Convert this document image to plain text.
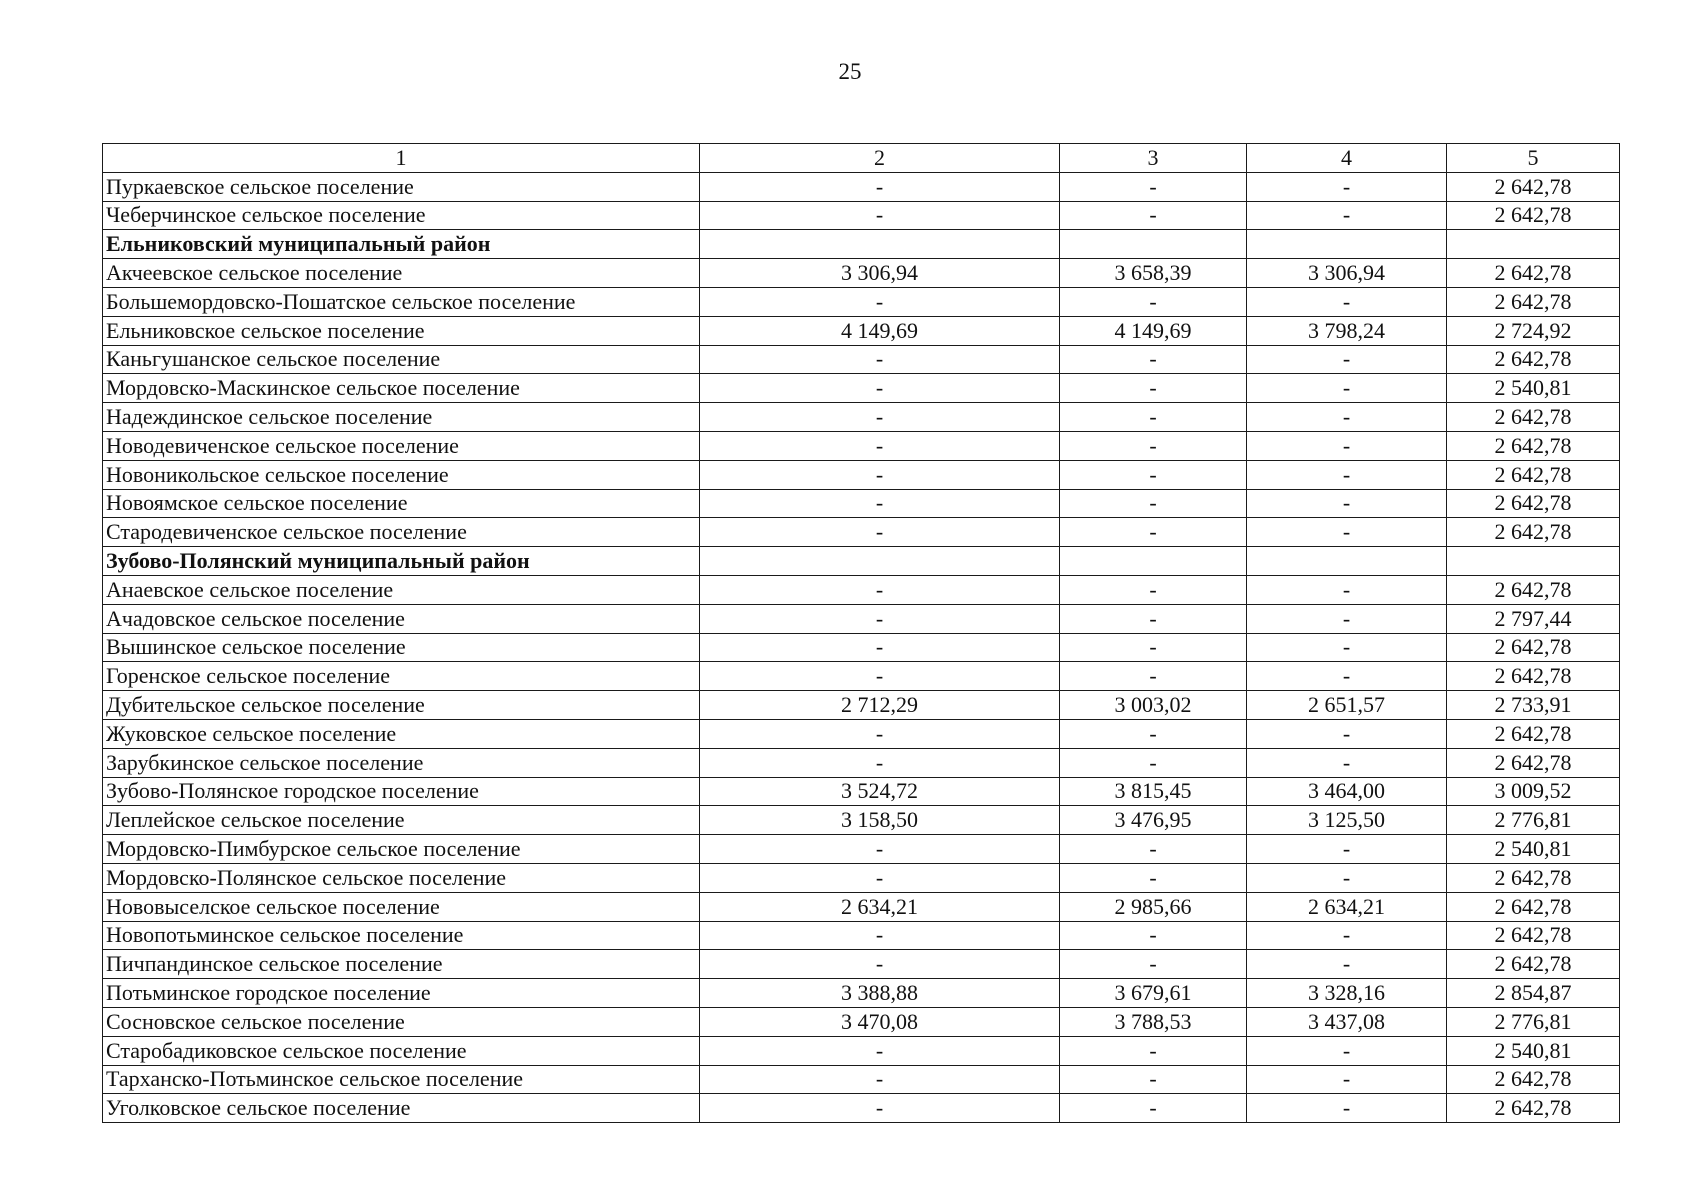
25
1	2	3	4	5
Пуркаевское сельское поселение	-	-	-	2 642,78
Чеберчинское сельское поселение	-	-	-	2 642,78
Ельниковский муниципальный район				
Акчеевское сельское поселение	3 306,94	3 658,39	3 306,94	2 642,78
Большемордовско-Пошатское сельское поселение	-	-	-	2 642,78
Ельниковское сельское поселение	4 149,69	4 149,69	3 798,24	2 724,92
Каньгушанское сельское поселение	-	-	-	2 642,78
Мордовско-Маскинское сельское поселение	-	-	-	2 540,81
Надеждинское сельское поселение	-	-	-	2 642,78
Новодевиченское сельское поселение	-	-	-	2 642,78
Новоникольское сельское поселение	-	-	-	2 642,78
Новоямское сельское поселение	-	-	-	2 642,78
Стародевиченское сельское поселение	-	-	-	2 642,78
Зубово-Полянский муниципальный район				
Анаевское сельское поселение	-	-	-	2 642,78
Ачадовское сельское поселение	-	-	-	2 797,44
Вышинское сельское поселение	-	-	-	2 642,78
Горенское сельское поселение	-	-	-	2 642,78
Дубительское сельское поселение	2 712,29	3 003,02	2 651,57	2 733,91
Жуковское сельское поселение	-	-	-	2 642,78
Зарубкинское сельское поселение	-	-	-	2 642,78
Зубово-Полянское городское поселение	3 524,72	3 815,45	3 464,00	3 009,52
Леплейское сельское поселение	3 158,50	3 476,95	3 125,50	2 776,81
Мордовско-Пимбурское сельское поселение	-	-	-	2 540,81
Мордовско-Полянское сельское поселение	-	-	-	2 642,78
Нововыселское сельское поселение	2 634,21	2 985,66	2 634,21	2 642,78
Новопотьминское сельское поселение	-	-	-	2 642,78
Пичпандинское сельское поселение	-	-	-	2 642,78
Потьминское городское поселение	3 388,88	3 679,61	3 328,16	2 854,87
Сосновское сельское поселение	3 470,08	3 788,53	3 437,08	2 776,81
Старобадиковское сельское поселение	-	-	-	2 540,81
Тарханско-Потьминское сельское поселение	-	-	-	2 642,78
Уголковское сельское поселение	-	-	-	2 642,78
